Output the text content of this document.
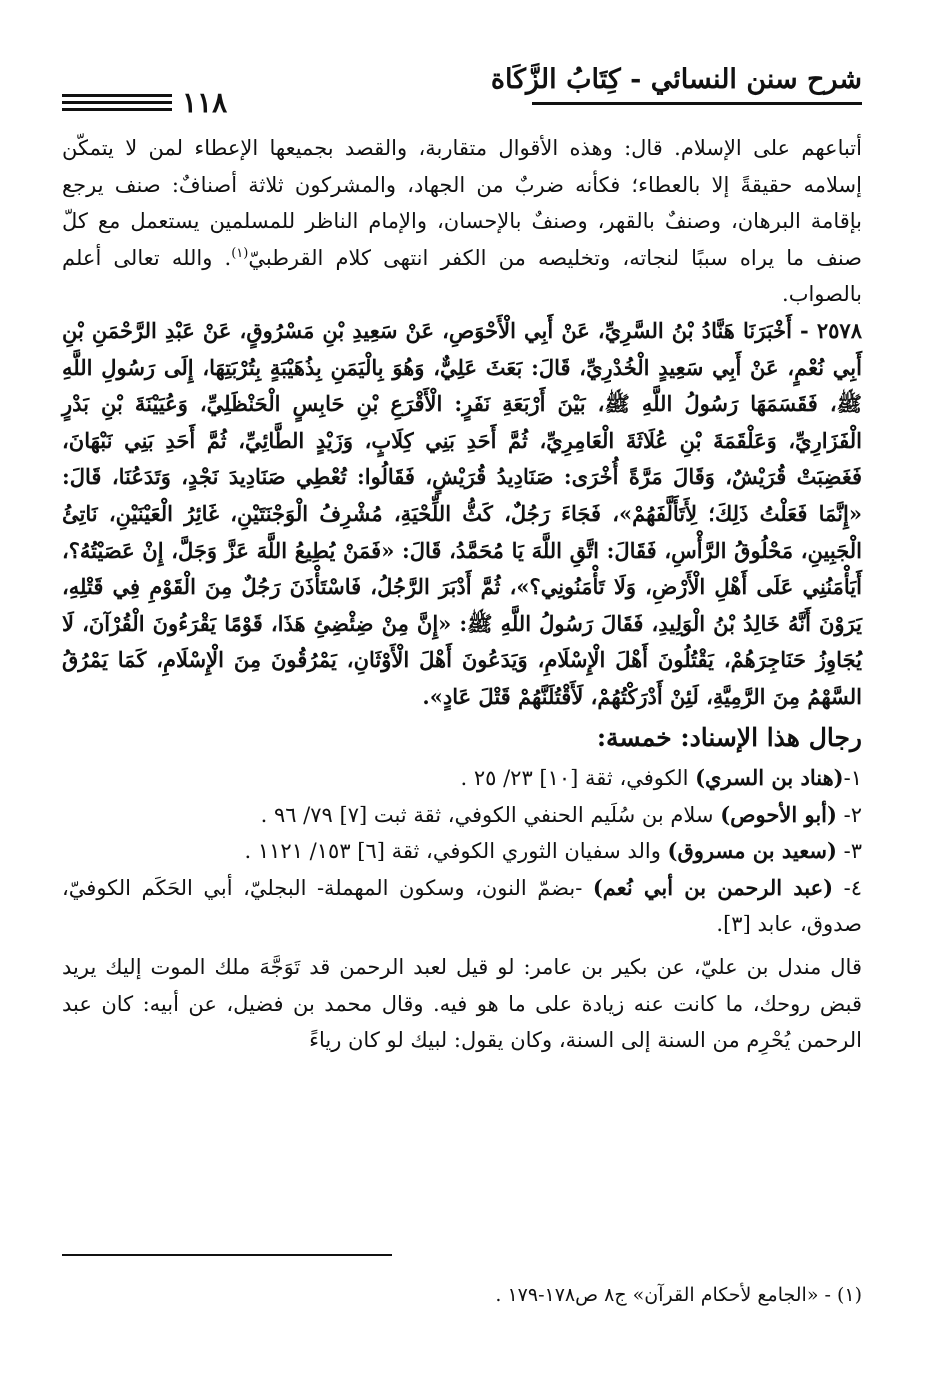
شرح سنن النسائي - كِتَابُ الزَّكَاة
١١٨

أتباعهم على الإسلام. قال: وهذه الأقوال متقاربة، والقصد بجميعها الإعطاء لمن لا يتمكّن إسلامه حقيقةً إلا بالعطاء؛ فكأنه ضربٌ من الجهاد، والمشركون ثلاثة أصنافٌ: صنف يرجع بإقامة البرهان، وصنفٌ بالقهر، وصنفٌ بالإحسان، والإمام الناظر للمسلمين يستعمل مع كلّ صنف ما يراه سببًا لنجاته، وتخليصه من الكفر انتهى كلام القرطبيّ$^{(١)}$. والله تعالى أعلم بالصواب.

٢٥٧٨ - أَخْبَرَنَا هَنَّادُ بْنُ السَّرِيِّ، عَنْ أَبِي الْأَحْوَصِ، عَنْ سَعِيدِ بْنِ مَسْرُوقٍ، عَنْ عَبْدِ الرَّحْمَنِ بْنِ أَبِي نُعْمٍ، عَنْ أَبِي سَعِيدٍ الْخُدْرِيِّ، قَالَ: بَعَثَ عَلِيٌّ، وَهُوَ بِالْيَمَنِ بِذُهَيْبَةٍ بِتُرْبَتِهَا، إِلَى رَسُولِ اللَّهِ ﷺ، فَقَسَمَهَا رَسُولُ اللَّهِ ﷺ، بَيْنَ أَرْبَعَةِ نَفَرٍ: الْأَقْرَعِ بْنِ حَابِسٍ الْحَنْظَلِيِّ، وَعُيَيْنَةَ بْنِ بَدْرٍ الْفَزَارِيِّ، وَعَلْقَمَةَ بْنِ عُلَاثَةَ الْعَامِرِيِّ، ثُمَّ أَحَدِ بَنِي كِلَابٍ، وَزَيْدٍ الطَّائِيِّ، ثُمَّ أَحَدِ بَنِي نَبْهَانَ، فَغَضِبَتْ قُرَيْشٌ، وَقَالَ مَرَّةً أُخْرَى: صَنَادِيدُ قُرَيْشٍ، فَقَالُوا: تُعْطِي صَنَادِيدَ نَجْدٍ، وَتَدَعُنَا، قَالَ: «إِنَّمَا فَعَلْتُ ذَلِكَ؛ لِأَتَأَلَّفَهُمْ»، فَجَاءَ رَجُلٌ، كَثُّ اللِّحْيَةِ، مُشْرِفُ الْوَجْنَتَيْنِ، غَائِرُ الْعَيْنَيْنِ، نَاتِئُ الْجَبِينِ، مَحْلُوقُ الرَّأْسِ، فَقَالَ: اتَّقِ اللَّهَ يَا مُحَمَّدُ، قَالَ: «فَمَنْ يُطِيعُ اللَّهَ عَزَّ وَجَلَّ، إِنْ عَصَيْتُهُ؟، أَيَأْمَنُنِي عَلَى أَهْلِ الْأَرْضِ، وَلَا تَأْمَنُونِي؟»، ثُمَّ أَدْبَرَ الرَّجُلُ، فَاسْتَأْذَنَ رَجُلٌ مِنَ الْقَوْمِ فِي قَتْلِهِ، يَرَوْنَ أَنَّهُ خَالِدُ بْنُ الْوَلِيدِ، فَقَالَ رَسُولُ اللَّهِ ﷺ: «إِنَّ مِنْ ضِئْضِئِ هَذَا، قَوْمًا يَقْرَءُونَ الْقُرْآنَ، لَا يُجَاوِزُ حَنَاجِرَهُمْ، يَقْتُلُونَ أَهْلَ الْإِسْلَامِ، وَيَدَعُونَ أَهْلَ الْأَوْثَانِ، يَمْرُقُونَ مِنَ الْإِسْلَامِ، كَمَا يَمْرُقُ السَّهْمُ مِنَ الرَّمِيَّةِ، لَئِنْ أَدْرَكْتُهُمْ، لَأَقْتُلَنَّهُمْ قَتْلَ عَادٍ».

رجال هذا الإسناد: خمسة:

١-(هناد بن السري) الكوفي، ثقة [١٠] ٢٣/ ٢٥ .

٢- (أبو الأحوص) سلام بن سُلَيم الحنفي الكوفي، ثقة ثبت [٧] ٧٩/ ٩٦ .

٣- (سعيد بن مسروق) والد سفيان الثوري الكوفي، ثقة [٦] ١٥٣/ ١١٢١ .

٤- (عبد الرحمن بن أبي نُعم) -بضمّ النون، وسكون المهملة- البجليّ، أبي الحَكَم الكوفيّ، صدوق، عابد [٣].

قال مندل بن عليّ، عن بكير بن عامر: لو قيل لعبد الرحمن قد تَوَجَّهَ ملك الموت إليك يريد قبض روحك، ما كانت عنه زيادة على ما هو فيه. وقال محمد بن فضيل، عن أبيه: كان عبد الرحمن يُحْرِم من السنة إلى السنة، وكان يقول: لبيك لو كان رياءً

(١) - «الجامع لأحكام القرآن» ج٨ ص١٧٨-١٧٩ .
